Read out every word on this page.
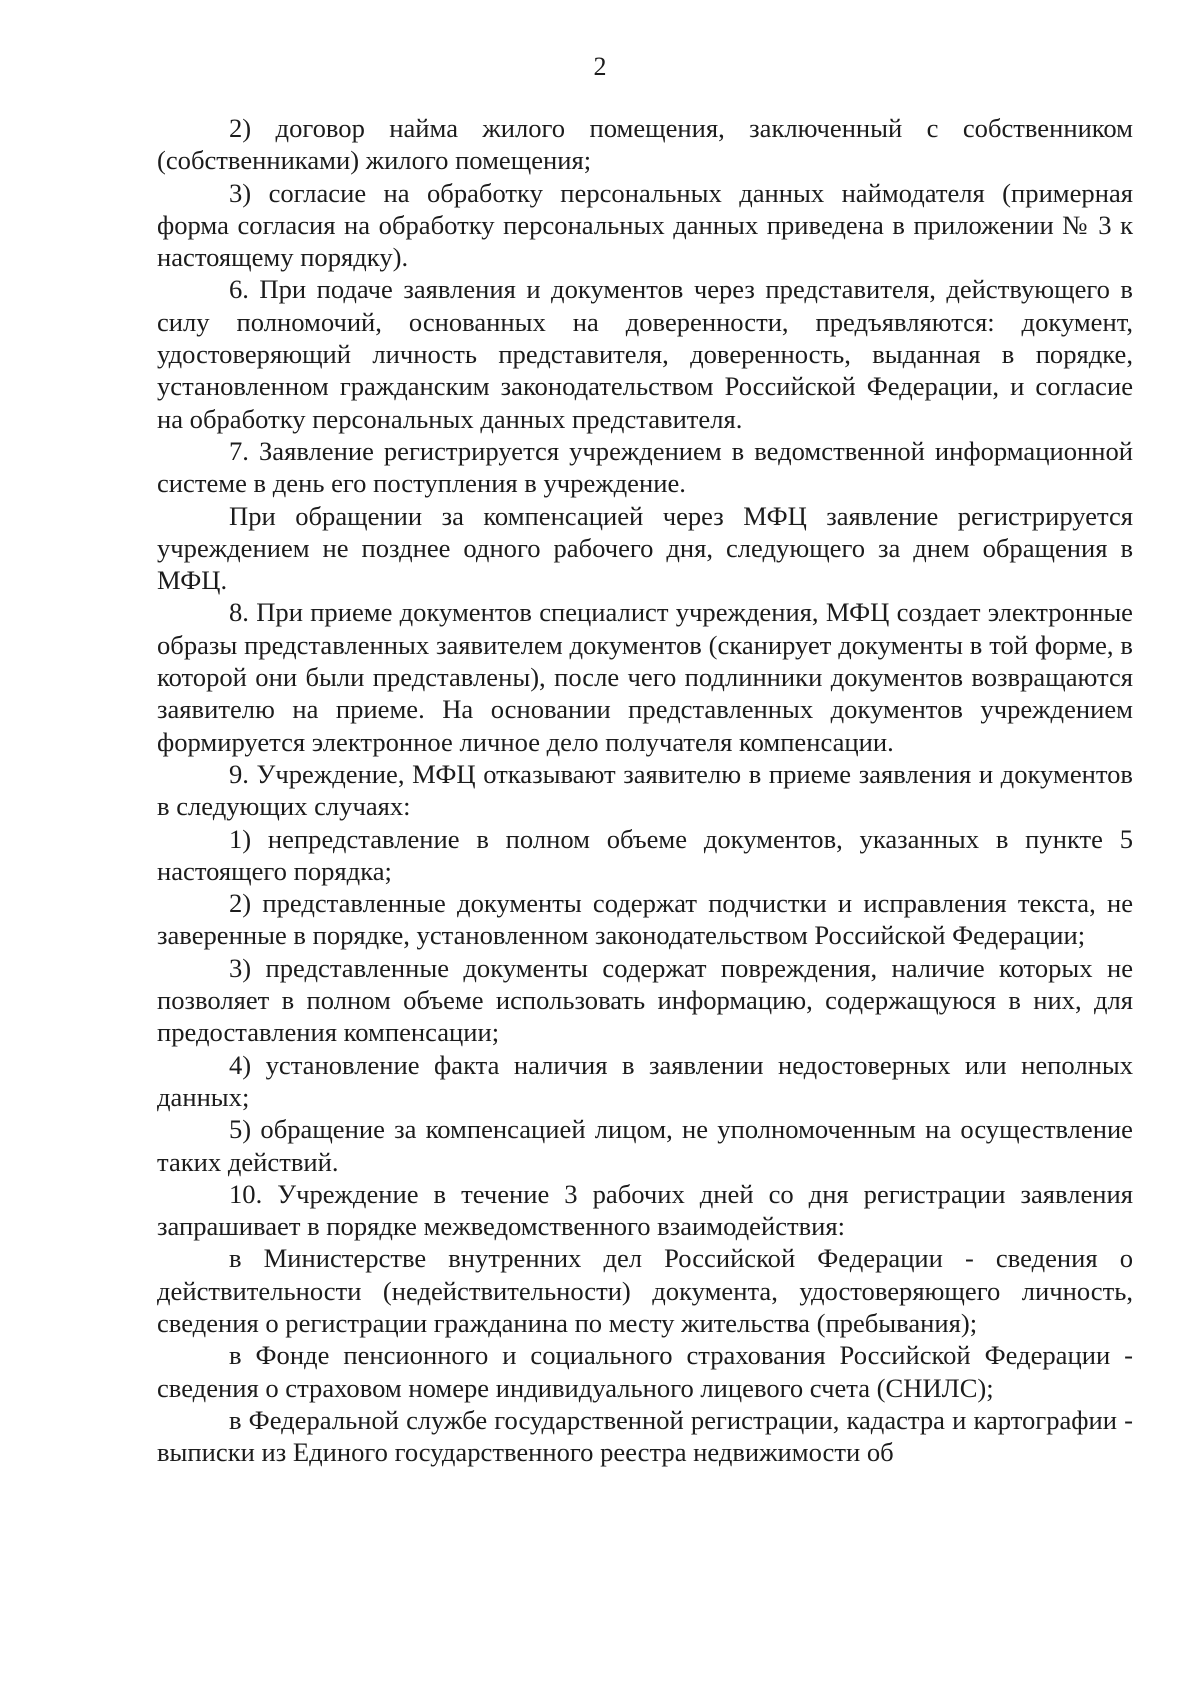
2

2) договор найма жилого помещения, заключенный с собственником (собственниками) жилого помещения;

3) согласие на обработку персональных данных наймодателя (примерная форма согласия на обработку персональных данных приведена в приложении № 3 к настоящему порядку).

6. При подаче заявления и документов через представителя, действующего в силу полномочий, основанных на доверенности, предъявляются: документ, удостоверяющий личность представителя, доверенность, выданная в порядке, установленном гражданским законодательством Российской Федерации, и согласие на обработку персональных данных представителя.

7. Заявление регистрируется учреждением в ведомственной информационной системе в день его поступления в учреждение.

При обращении за компенсацией через МФЦ заявление регистрируется учреждением не позднее одного рабочего дня, следующего за днем обращения в МФЦ.

8. При приеме документов специалист учреждения, МФЦ создает электронные образы представленных заявителем документов (сканирует документы в той форме, в которой они были представлены), после чего подлинники документов возвращаются заявителю на приеме. На основании представленных документов учреждением формируется электронное личное дело получателя компенсации.

9. Учреждение, МФЦ отказывают заявителю в приеме заявления и документов в следующих случаях:

1) непредставление в полном объеме документов, указанных в пункте 5 настоящего порядка;

2) представленные документы содержат подчистки и исправления текста, не заверенные в порядке, установленном законодательством Российской Федерации;

3) представленные документы содержат повреждения, наличие которых не позволяет в полном объеме использовать информацию, содержащуюся в них, для предоставления компенсации;

4) установление факта наличия в заявлении недостоверных или неполных данных;

5) обращение за компенсацией лицом, не уполномоченным на осуществление таких действий.

10. Учреждение в течение 3 рабочих дней со дня регистрации заявления запрашивает в порядке межведомственного взаимодействия:

в Министерстве внутренних дел Российской Федерации - сведения о действительности (недействительности) документа, удостоверяющего личность, сведения о регистрации гражданина по месту жительства (пребывания);

в Фонде пенсионного и социального страхования Российской Федерации - сведения о страховом номере индивидуального лицевого счета (СНИЛС);

в Федеральной службе государственной регистрации, кадастра и картографии - выписки из Единого государственного реестра недвижимости об
